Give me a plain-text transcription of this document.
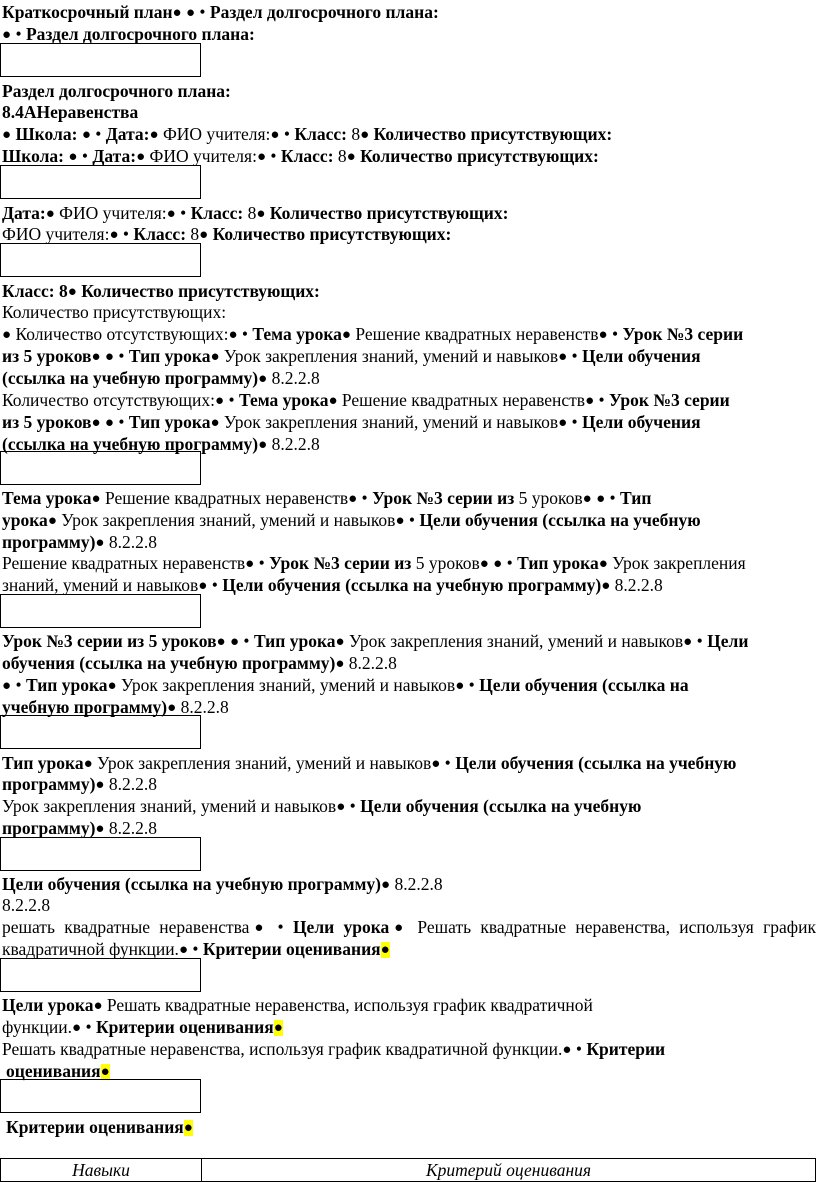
Краткосрочный план● ● • Раздел долгосрочного плана:
● • Раздел долгосрочного плана:
Раздел долгосрочного плана:
8.4АНеравенства
● Школа: ● • Дата:● ФИО учителя:● • Класс: 8● Количество присутствующих:
Школа: ● • Дата:● ФИО учителя:● • Класс: 8● Количество присутствующих:
Дата:● ФИО учителя:● • Класс: 8● Количество присутствующих:
ФИО учителя:● • Класс: 8● Количество присутствующих:
Класс: 8● Количество присутствующих:
Количество присутствующих:
● Количество отсутствующих:● • Тема урока● Решение квадратных неравенств● • Урок №3 серии
из 5 уроков● ● • Тип урока● Урок закрепления знаний, умений и навыков● • Цели обучения
(ссылка на учебную программу)● 8.2.2.8
Количество отсутствующих:● • Тема урока● Решение квадратных неравенств● • Урок №3 серии
из 5 уроков● ● • Тип урока● Урок закрепления знаний, умений и навыков● • Цели обучения
(ссылка на учебную программу)● 8.2.2.8
Тема урока● Решение квадратных неравенств● • Урок №3 серии из 5 уроков● ● • Тип
урока● Урок закрепления знаний, умений и навыков● • Цели обучения (ссылка на учебную
программу)● 8.2.2.8
Решение квадратных неравенств● • Урок №3 серии из 5 уроков● ● • Тип урока● Урок закрепления
знаний, умений и навыков● • Цели обучения (ссылка на учебную программу)● 8.2.2.8
Урок №3 серии из 5 уроков● ● • Тип урока● Урок закрепления знаний, умений и навыков● • Цели
обучения (ссылка на учебную программу)● 8.2.2.8
● • Тип урока● Урок закрепления знаний, умений и навыков● • Цели обучения (ссылка на
учебную программу)● 8.2.2.8
Тип урока● Урок закрепления знаний, умений и навыков● • Цели обучения (ссылка на учебную
программу)● 8.2.2.8
Урок закрепления знаний, умений и навыков● • Цели обучения (ссылка на учебную
программу)● 8.2.2.8
Цели обучения (ссылка на учебную программу)● 8.2.2.8
8.2.2.8
решать квадратные неравенства● • Цели урока● Решать квадратные неравенства, используя график
квадратичной функции.● • Критерии оценивания●
Цели урока● Решать квадратные неравенства, используя график квадратичной
функции.● • Критерии оценивания●
Решать квадратные неравенства, используя график квадратичной функции.● • Критерии
оценивания●
Критерии оценивания●
Навыки	Критерий оценивания
